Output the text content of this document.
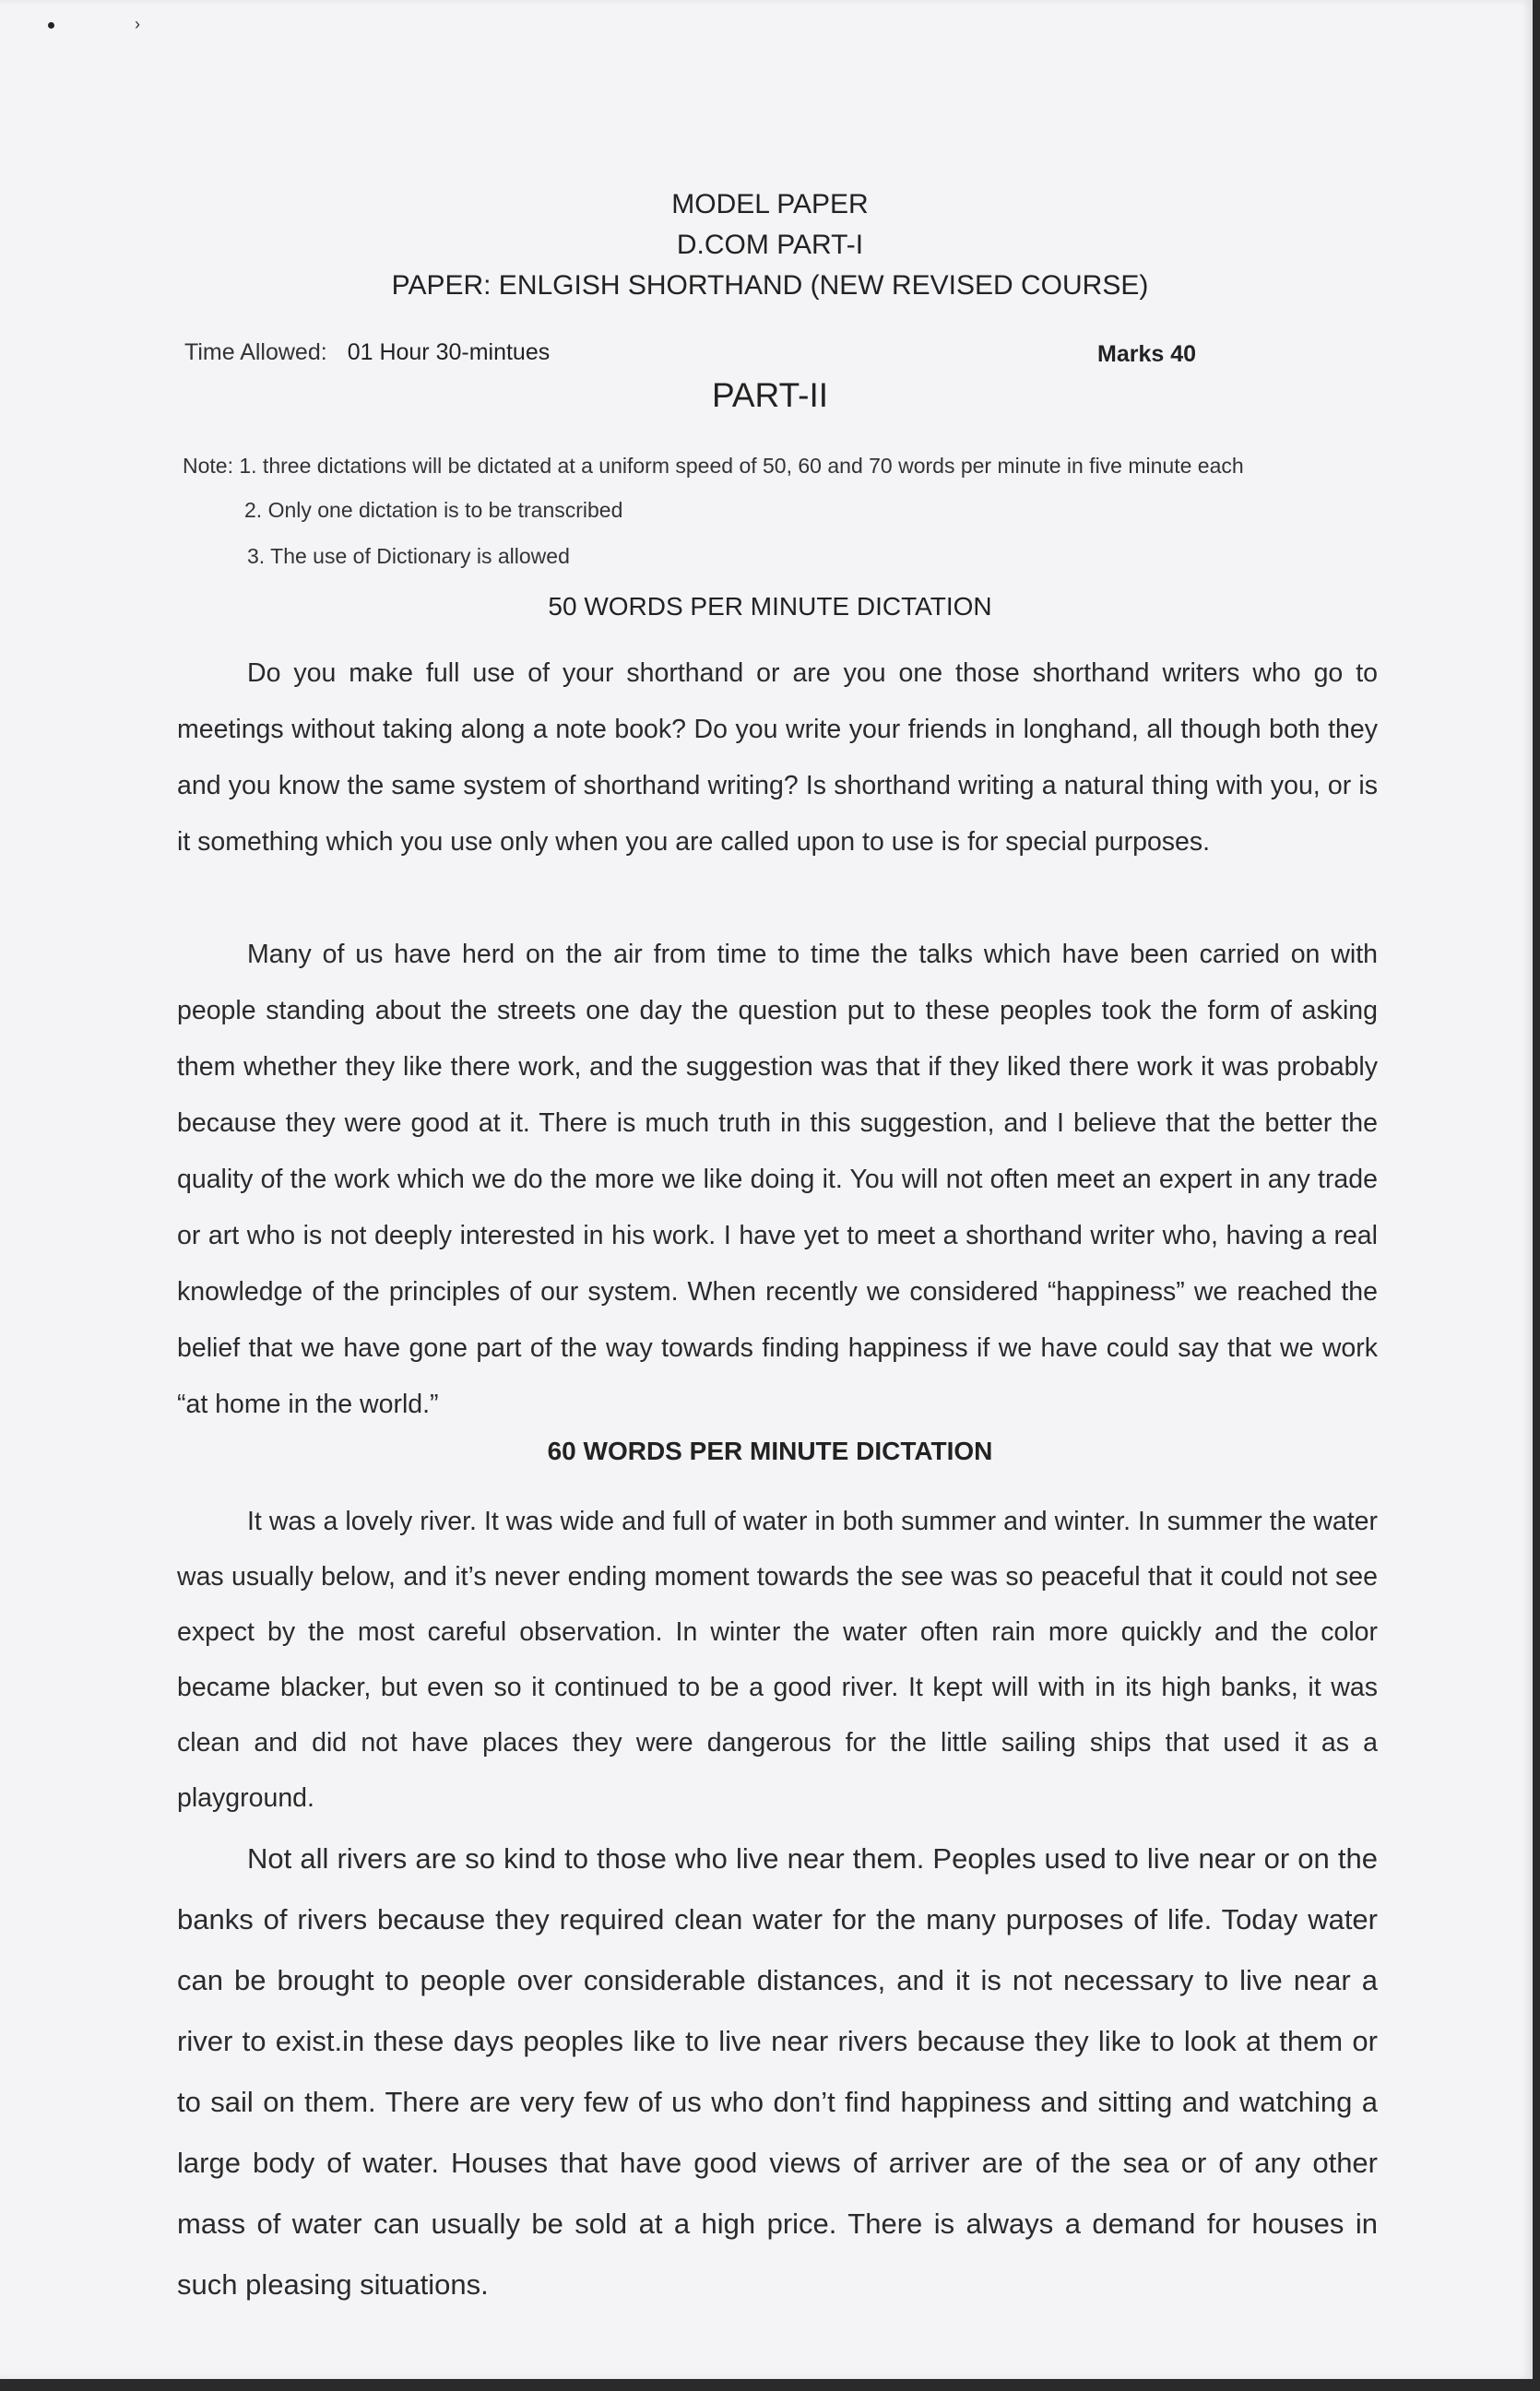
›
MODEL PAPER
D.COM PART-I
PAPER: ENLGISH SHORTHAND (NEW REVISED COURSE)
Time Allowed: 01 Hour 30-mintues	Marks 40
PART-II
Note: 1. three dictations will be dictated at a uniform speed of 50, 60 and 70 words per minute in five minute each
2. Only one dictation is to be transcribed
3. The use of Dictionary is allowed
50 WORDS PER MINUTE DICTATION
Do you make full use of your shorthand or are you one those shorthand writers who go to meetings without taking along a note book? Do you write your friends in longhand, all though both they and you know the same system of shorthand writing? Is shorthand writing a natural thing with you, or is it something which you use only when you are called upon to use is for special purposes.
Many of us have herd on the air from time to time the talks which have been carried on with people standing about the streets one day the question put to these peoples took the form of asking them whether they like there work, and the suggestion was that if they liked there work it was probably because they were good at it. There is much truth in this suggestion, and I believe that the better the quality of the work which we do the more we like doing it. You will not often meet an expert in any trade or art who is not deeply interested in his work. I have yet to meet a shorthand writer who, having a real knowledge of the principles of our system. When recently we considered “happiness” we reached the belief that we have gone part of the way towards finding happiness if we have could say that we work “at home in the world.”
60 WORDS PER MINUTE DICTATION
It was a lovely river. It was wide and full of water in both summer and winter. In summer the water was usually below, and it’s never ending moment towards the see was so peaceful that it could not see expect by the most careful observation. In winter the water often rain more quickly and the color became blacker, but even so it continued to be a good river. It kept will with in its high banks, it was clean and did not have places they were dangerous for the little sailing ships that used it as a playground.
Not all rivers are so kind to those who live near them. Peoples used to live near or on the banks of rivers because they required clean water for the many purposes of life. Today water can be brought to people over considerable distances, and it is not necessary to live near a river to exist.in these days peoples like to live near rivers because they like to look at them or to sail on them. There are very few of us who don’t find happiness and sitting and watching a large body of water. Houses that have good views of arriver are of the sea or of any other mass of water can usually be sold at a high price. There is always a demand for houses in such pleasing situations.
